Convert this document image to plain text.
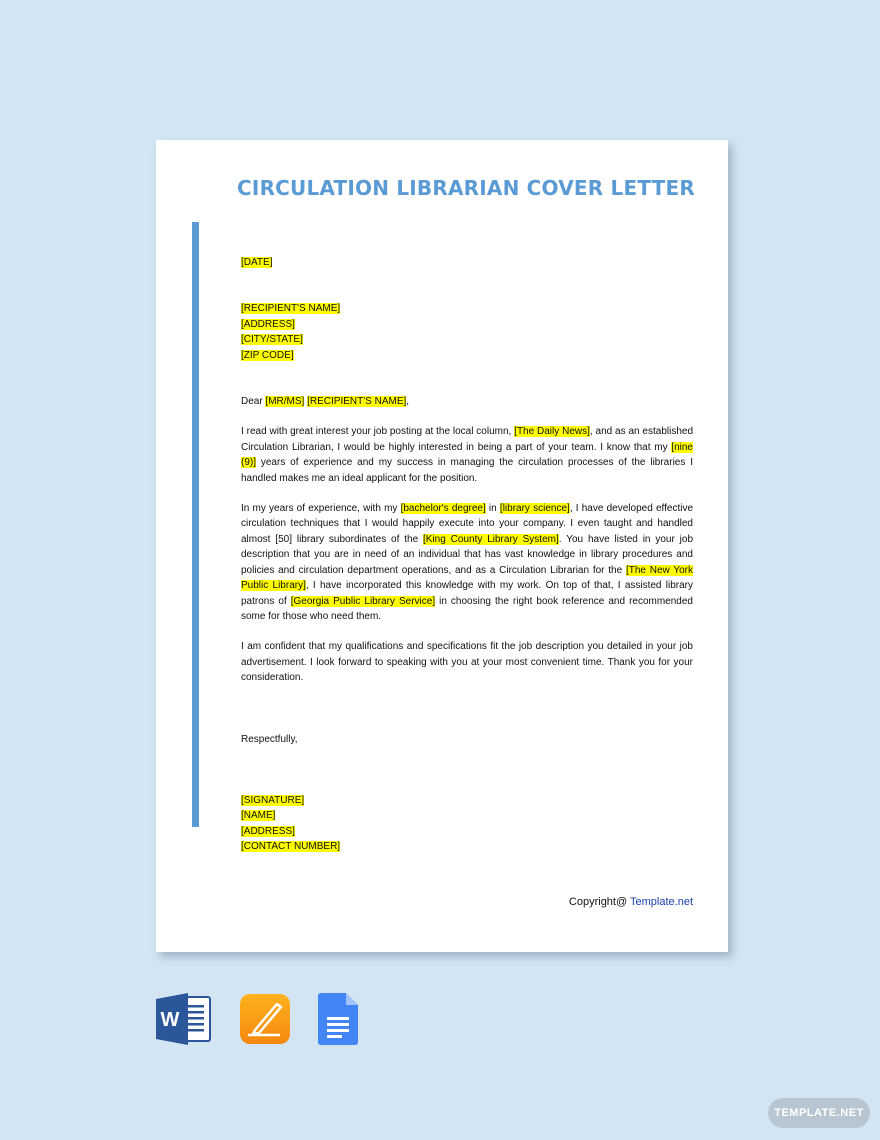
CIRCULATION LIBRARIAN COVER LETTER

[DATE]

[RECIPIENT'S NAME]

[ADDRESS]

[CITY/STATE]

[ZIP CODE]

Dear [MR/MS] [RECIPIENT'S NAME],

I read with great interest your job posting at the local column, [The Daily News], and as an established Circulation Librarian, I would be highly interested in being a part of your team. I know that my [nine (9)] years of experience and my success in managing the circulation processes of the libraries I handled makes me an ideal applicant for the position.

In my years of experience, with my [bachelor's degree] in [library science], I have developed effective circulation techniques that I would happily execute into your company. I even taught and handled almost [50] library subordinates of the [King County Library System]. You have listed in your job description that you are in need of an individual that has vast knowledge in library procedures and policies and circulation department operations, and as a Circulation Librarian for the [The New York Public Library], I have incorporated this knowledge with my work. On top of that, I assisted library patrons of [Georgia Public Library Service] in choosing the right book reference and recommended some for those who need them.

I am confident that my qualifications and specifications fit the job description you detailed in your job advertisement. I look forward to speaking with you at your most convenient time. Thank you for your consideration.

Respectfully,

[SIGNATURE]

[NAME]

[ADDRESS]

[CONTACT NUMBER]

Copyright@ Template.net
W
TEMPLATE.NET
